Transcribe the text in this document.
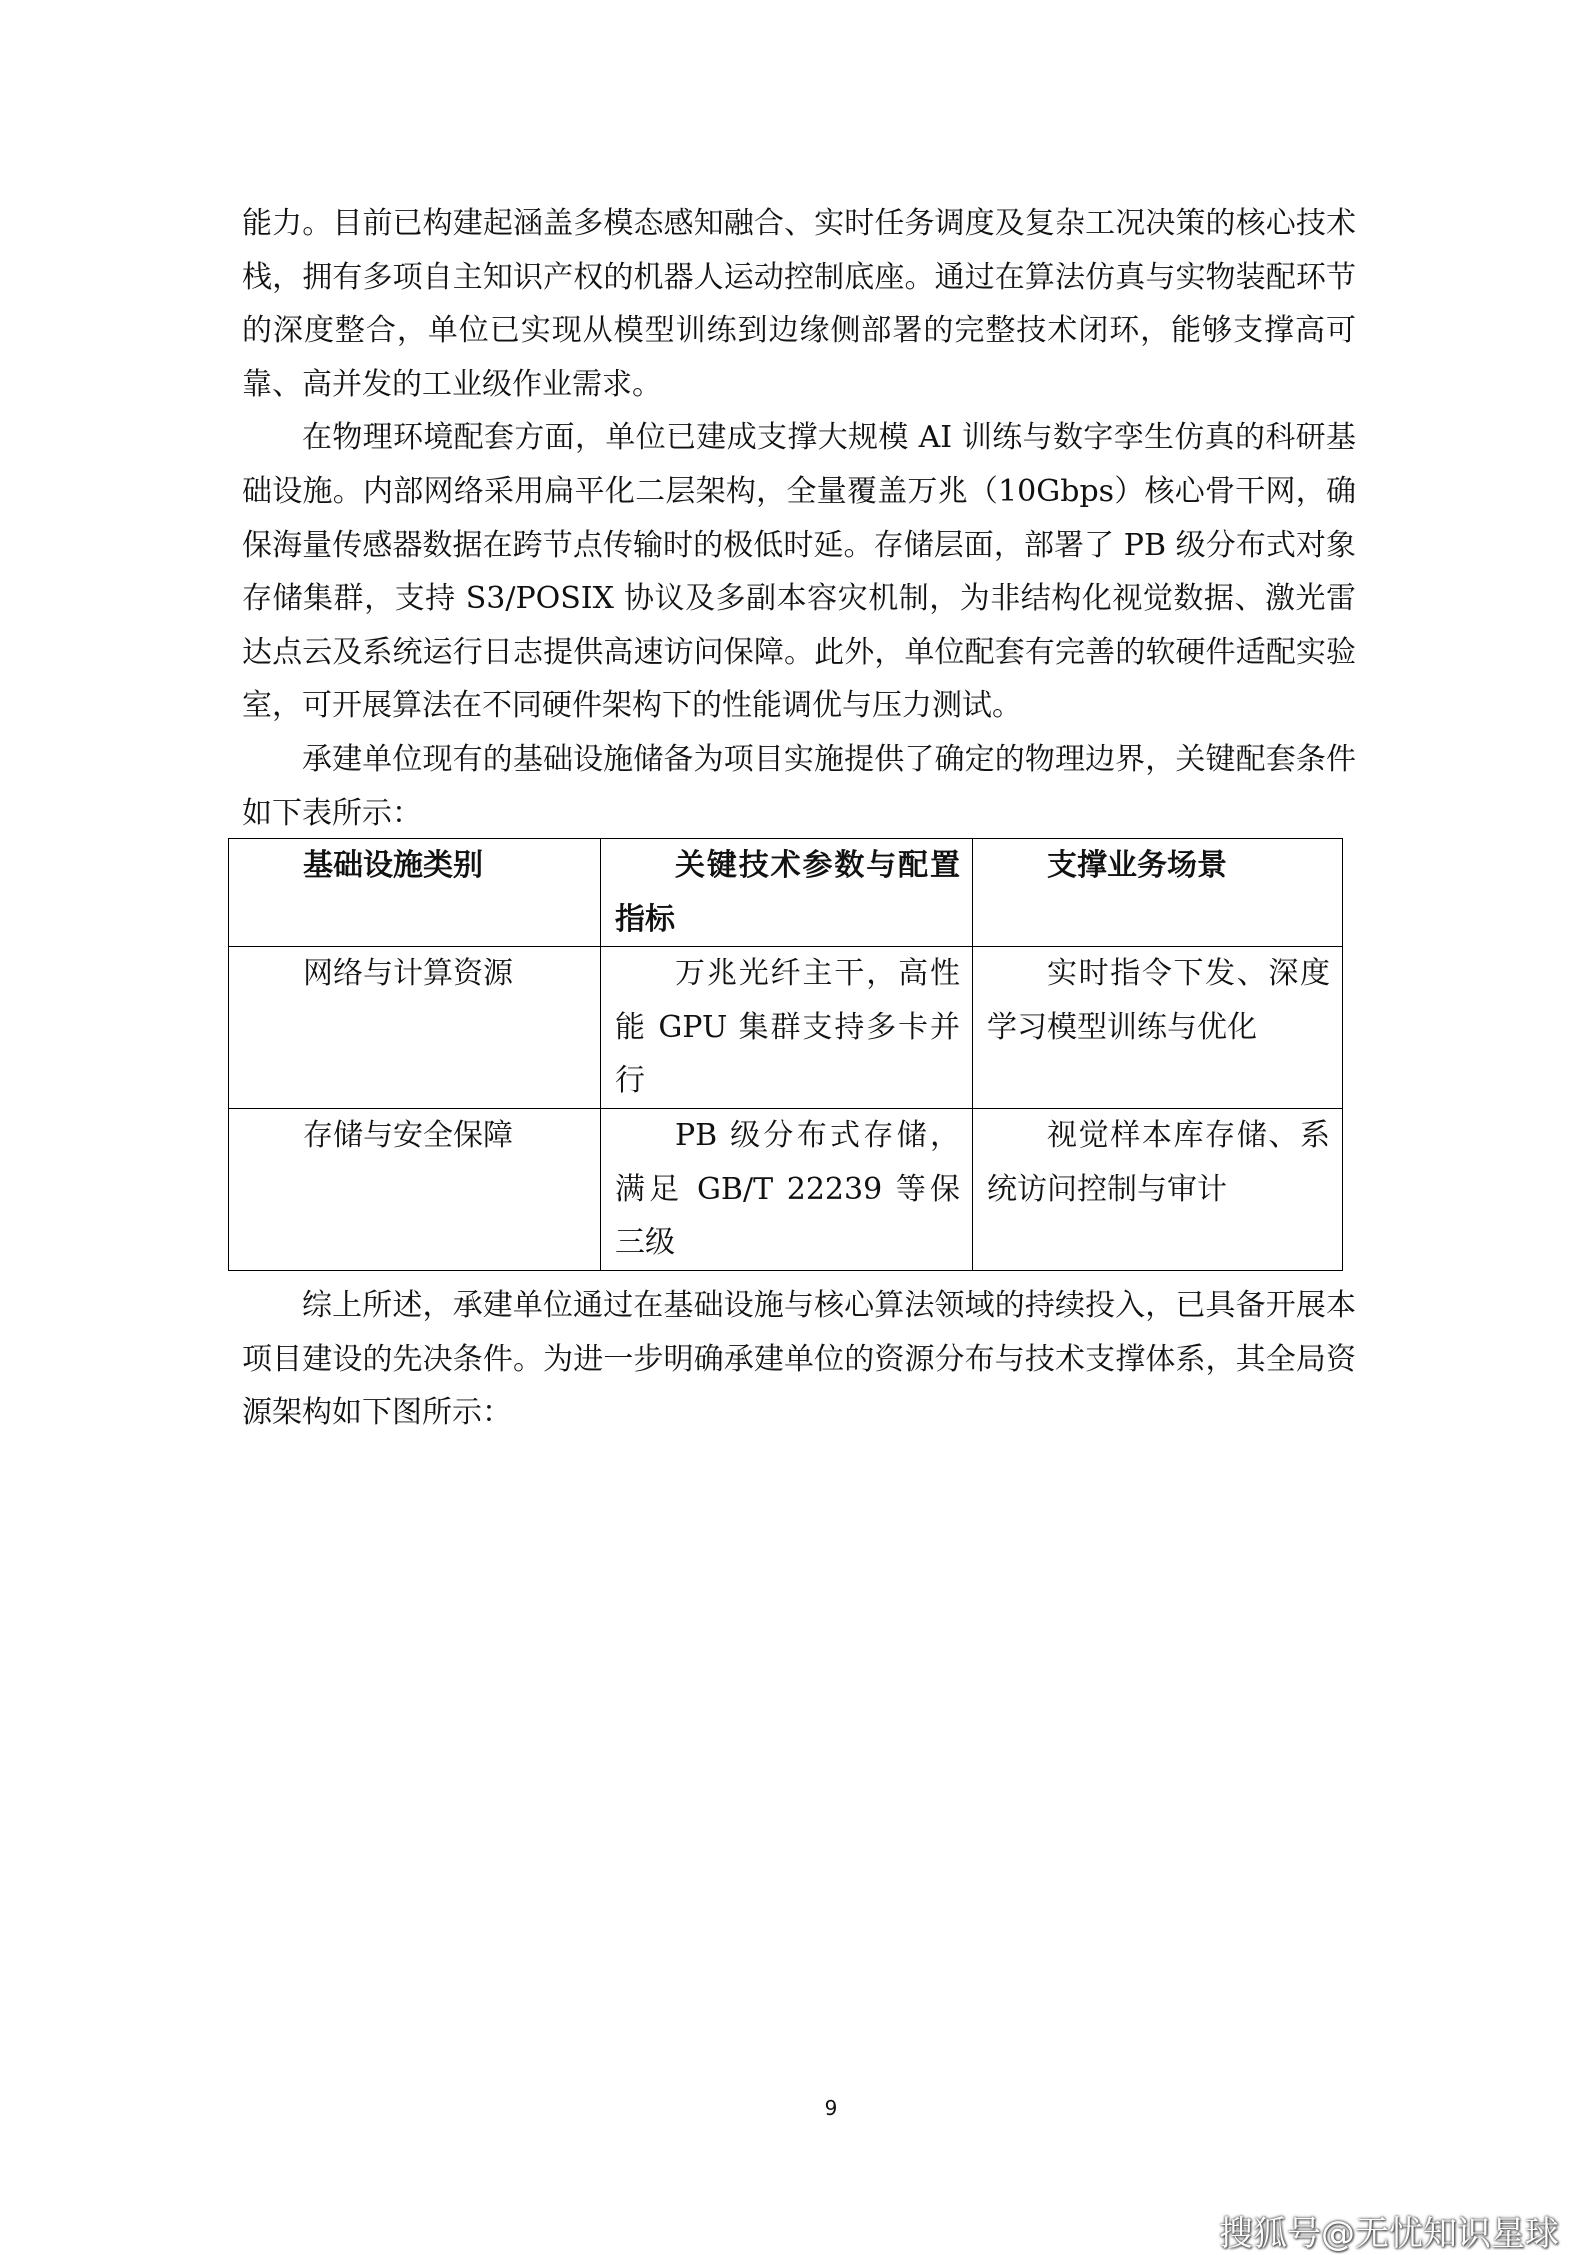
能力。目前已构建起涵盖多模态感知融合、实时任务调度及复杂工况决策的核心技术栈，拥有多项自主知识产权的机器人运动控制底座。通过在算法仿真与实物装配环节的深度整合，单位已实现从模型训练到边缘侧部署的完整技术闭环，能够支撑高可靠、高并发的工业级作业需求。
在物理环境配套方面，单位已建成支撑大规模 AI 训练与数字孪生仿真的科研基础设施。内部网络采用扁平化二层架构，全量覆盖万兆（10Gbps）核心骨干网，确保海量传感器数据在跨节点传输时的极低时延。存储层面，部署了 PB 级分布式对象存储集群，支持 S3/POSIX 协议及多副本容灾机制，为非结构化视觉数据、激光雷达点云及系统运行日志提供高速访问保障。此外，单位配套有完善的软硬件适配实验室，可开展算法在不同硬件架构下的性能调优与压力测试。
承建单位现有的基础设施储备为项目实施提供了确定的物理边界，关键配套条件如下表所示：
基础设施类别	关键技术参数与配置指标	支撑业务场景

网络与计算资源	万兆光纤主干，高性能 GPU 集群支持多卡并行	实时指令下发、深度学习模型训练与优化

存储与安全保障	PB 级分布式存储，满足 GB/T 22239 等保三级	视觉样本库存储、系统访问控制与审计
综上所述，承建单位通过在基础设施与核心算法领域的持续投入，已具备开展本项目建设的先决条件。为进一步明确承建单位的资源分布与技术支撑体系，其全局资源架构如下图所示：
9
搜狐号@无忧知识星球
